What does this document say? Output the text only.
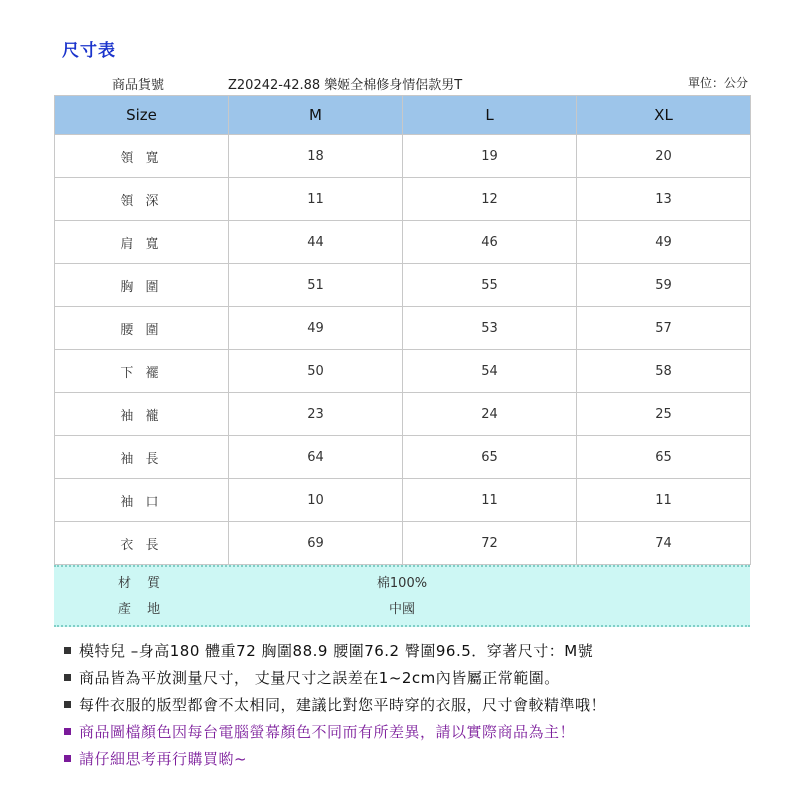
尺寸表
商品貨號	Z20242-42.88 樂姬全棉修身情侶款男T	單位：公分
Size	M	L	XL
領 寬	18	19	20
領 深	11	12	13
肩 寬	44	46	49
胸 圍	51	55	59
腰 圍	49	53	57
下 襬	50	54	58
袖 襱	23	24	25
袖 長	64	65	65
袖 口	10	11	11
衣 長	69	72	74
材 質	棉100%
產 地	中國
模特兒 –身高180 體重72 胸圍88.9 腰圍76.2 臀圍96.5．穿著尺寸：M號
商品皆為平放測量尺寸， 丈量尺寸之誤差在1~2cm內皆屬正常範圍。
每件衣服的版型都會不太相同，建議比對您平時穿的衣服，尺寸會較精準哦！
商品圖檔顏色因每台電腦螢幕顏色不同而有所差異，請以實際商品為主！
請仔細思考再行購買喲~
